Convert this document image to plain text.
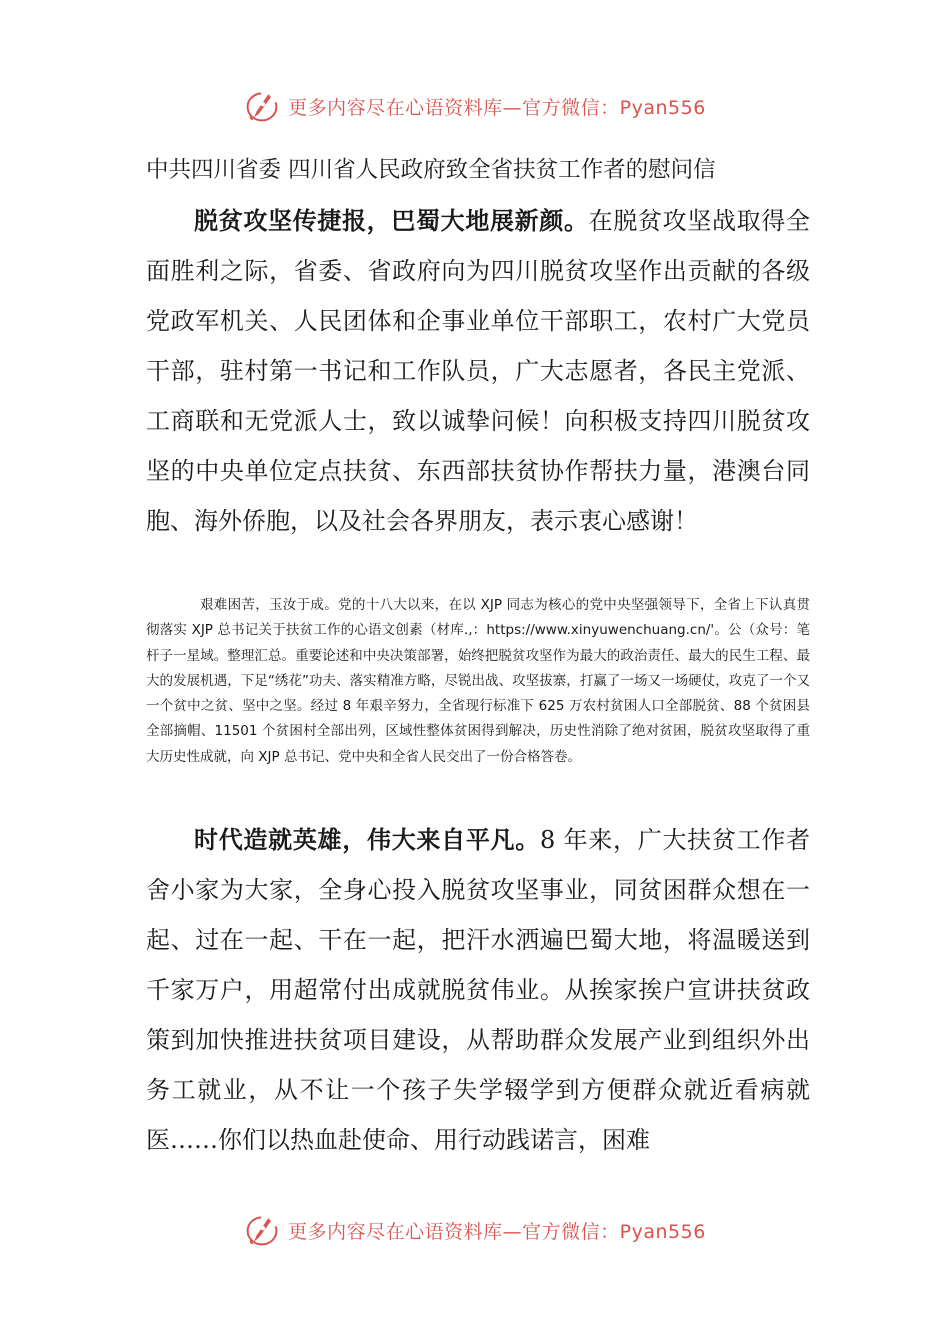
更多内容尽在心语资料库—官方微信：Pyan556
中共四川省委 四川省人民政府致全省扶贫工作者的慰问信

脱贫攻坚传捷报，巴蜀大地展新颜。在脱贫攻坚战取得全面胜利之际，省委、省政府向为四川脱贫攻坚作出贡献的各级党政军机关、人民团体和企事业单位干部职工，农村广大党员干部，驻村第一书记和工作队员，广大志愿者，各民主党派、工商联和无党派人士，致以诚挚问候！向积极支持四川脱贫攻坚的中央单位定点扶贫、东西部扶贫协作帮扶力量，港澳台同胞、海外侨胞，以及社会各界朋友，表示衷心感谢！

艰难困苦，玉汝于成。党的十八大以来，在以 XJP 同志为核心的党中央坚强领导下，全省上下认真贯彻落实 XJP 总书记关于扶贫工作的心语文创素（材库.,：https://www.xinyuwenchuang.cn/'。公（众号：笔杆子一星域。整理汇总。重要论述和中央决策部署，始终把脱贫攻坚作为最大的政治责任、最大的民生工程、最大的发展机遇，下足“绣花”功夫、落实精准方略，尽锐出战、攻坚拔寨，打赢了一场又一场硬仗，攻克了一个又一个贫中之贫、坚中之坚。经过 8 年艰辛努力，全省现行标准下 625 万农村贫困人口全部脱贫、88 个贫困县全部摘帽、11501 个贫困村全部出列，区域性整体贫困得到解决，历史性消除了绝对贫困，脱贫攻坚取得了重大历史性成就，向 XJP 总书记、党中央和全省人民交出了一份合格答卷。

时代造就英雄，伟大来自平凡。8 年来，广大扶贫工作者舍小家为大家，全身心投入脱贫攻坚事业，同贫困群众想在一起、过在一起、干在一起，把汗水洒遍巴蜀大地，将温暖送到千家万户，用超常付出成就脱贫伟业。从挨家挨户宣讲扶贫政策到加快推进扶贫项目建设，从帮助群众发展产业到组织外出务工就业，从不让一个孩子失学辍学到方便群众就近看病就医……你们以热血赴使命、用行动践诺言，困难

更多内容尽在心语资料库—官方微信：Pyan556
